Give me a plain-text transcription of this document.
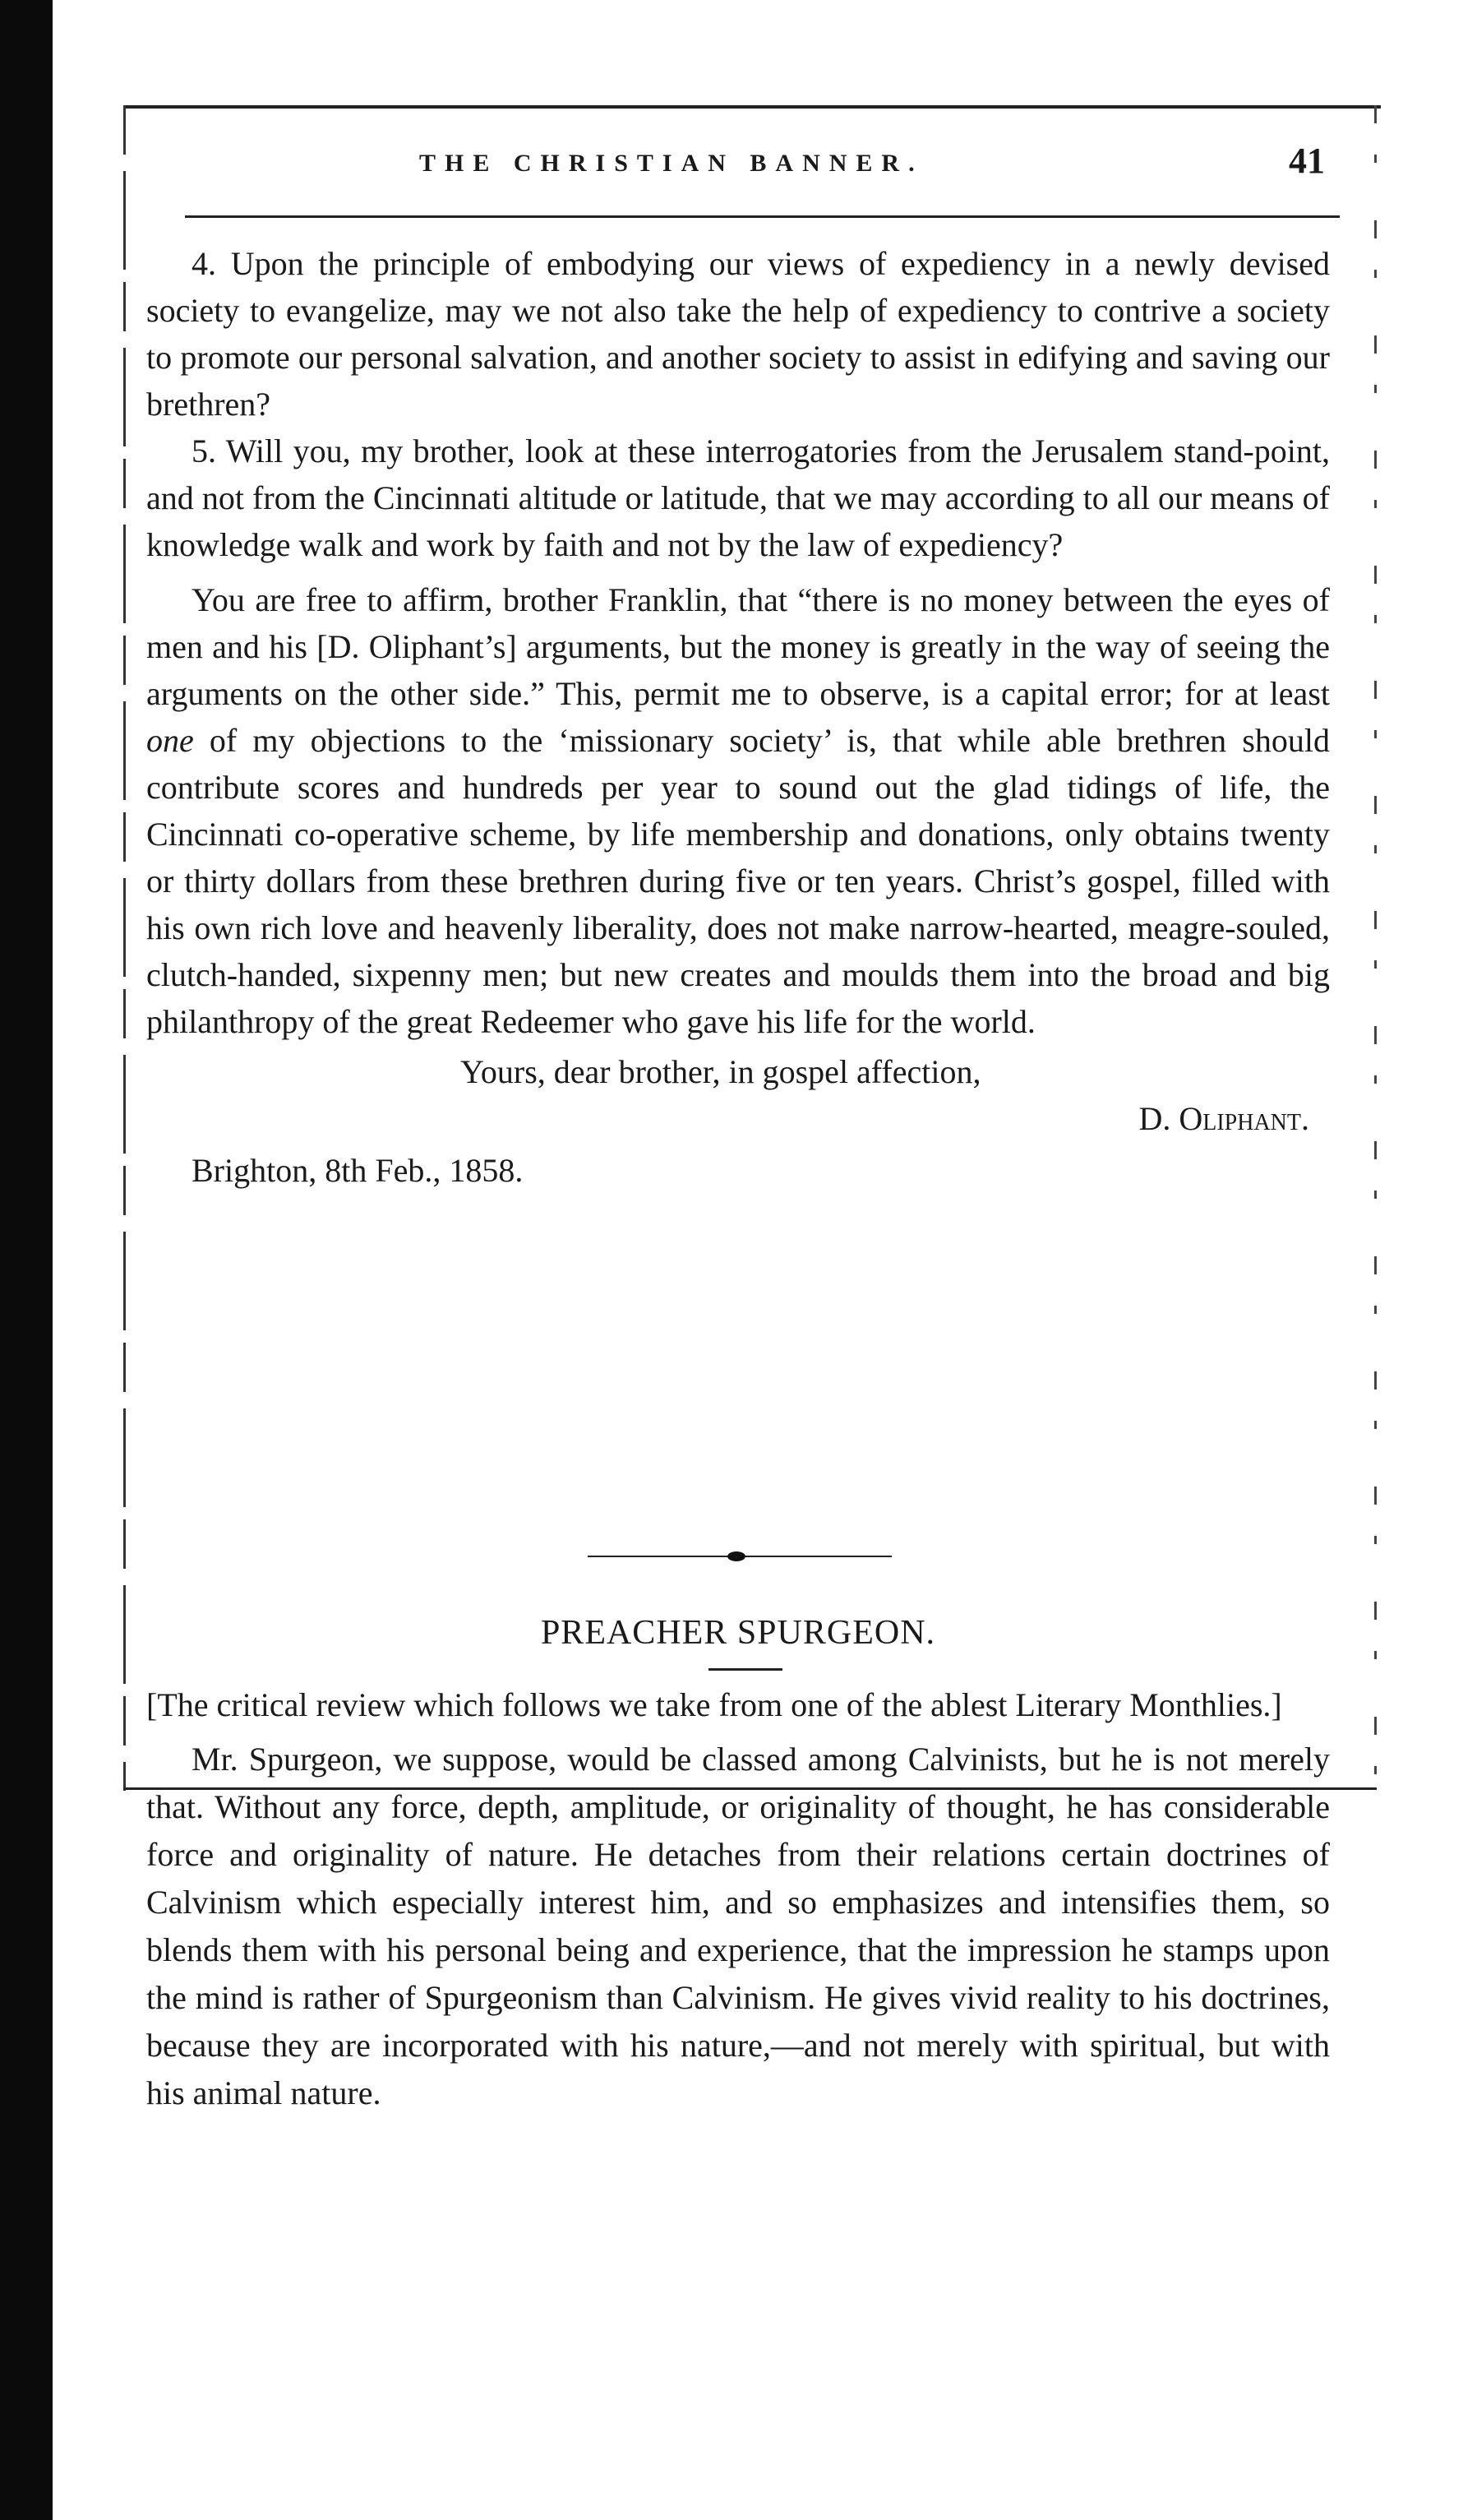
THE CHRISTIAN BANNER.	41

4. Upon the principle of embodying our views of expediency in a newly devised society to evangelize, may we not also take the help of expediency to contrive a society to promote our personal salvation, and another society to assist in edifying and saving our brethren?

5. Will you, my brother, look at these interrogatories from the Jerusalem stand-point, and not from the Cincinnati altitude or latitude, that we may according to all our means of knowledge walk and work by faith and not by the law of expediency?

You are free to affirm, brother Franklin, that “there is no money between the eyes of men and his [D. Oliphant’s] arguments, but the money is greatly in the way of seeing the arguments on the other side.” This, permit me to observe, is a capital error; for at least one of my objections to the ‘missionary society’ is, that while able brethren should contribute scores and hundreds per year to sound out the glad tidings of life, the Cincinnati co-operative scheme, by life membership and donations, only obtains twenty or thirty dollars from these brethren during five or ten years. Christ’s gospel, filled with his own rich love and heavenly liberality, does not make narrow-hearted, meagre-souled, clutch-handed, sixpenny men; but new creates and moulds them into the broad and big philanthropy of the great Redeemer who gave his life for the world.

Yours, dear brother, in gospel affection,

D. Oliphant.

Brighton, 8th Feb., 1858.

PREACHER SPURGEON.

[The critical review which follows we take from one of the ablest Literary Monthlies.]

Mr. Spurgeon, we suppose, would be classed among Calvinists, but he is not merely that. Without any force, depth, amplitude, or originality of thought, he has considerable force and originality of nature. He detaches from their relations certain doctrines of Calvinism which especially interest him, and so emphasizes and intensifies them, so blends them with his personal being and experience, that the impression he stamps upon the mind is rather of Spurgeonism than Calvinism. He gives vivid reality to his doctrines, because they are incorporated with his nature,—and not merely with spiritual, but with his animal nature.
